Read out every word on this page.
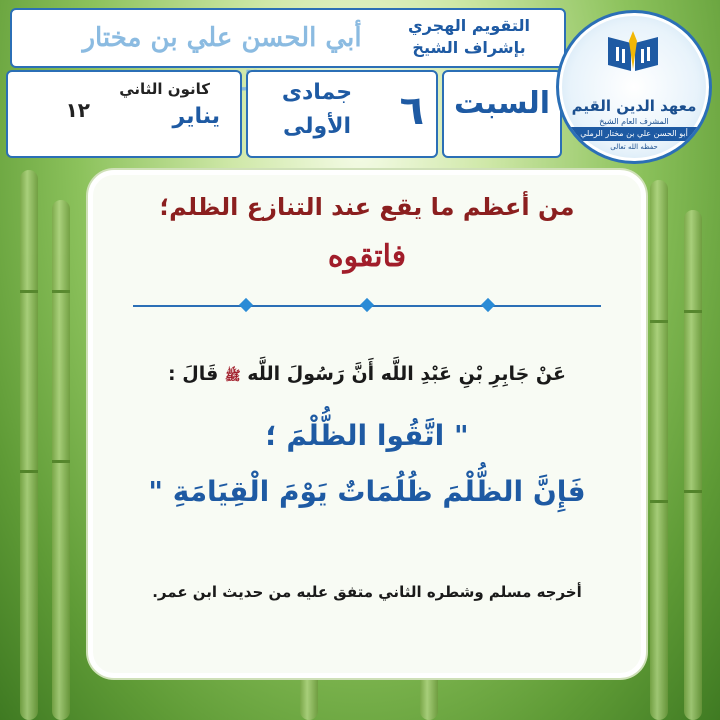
أبي الحسن علي بن مختار	التقويم الهجري
بإشراف الشيخ
السبت
٦
جمادى
الأولى
كانون الثاني
١٢	يناير	معهد الدين القيم
المشرف العام الشيخ
أبو الحسن علي بن مختار الرملي
حفظه الله تعالى
من أعظم ما يقع عند التنازع الظلم؛
فاتقوه
عَنْ جَابِرِ بْنِ عَبْدِ اللَّه أَنَّ رَسُولَ اللَّه ﷺ قَالَ :
" اتَّقُوا الظُّلْمَ ؛
فَإِنَّ الظُّلْمَ ظُلُمَاتٌ يَوْمَ الْقِيَامَةِ "
أخرجه مسلم وشطره الثاني متفق عليه من حديث ابن عمر.
